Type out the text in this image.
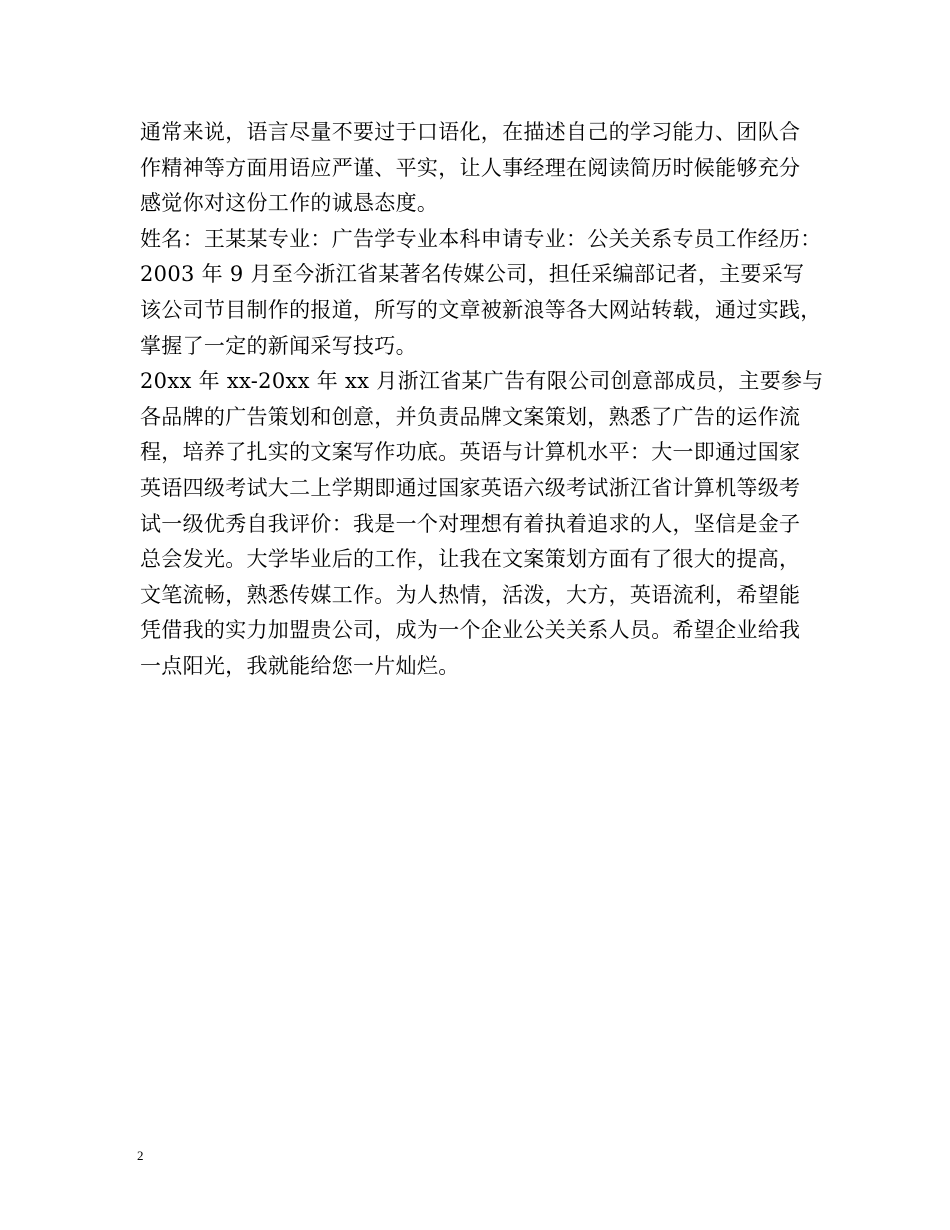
通常来说，语言尽量不要过于口语化，在描述自己的学习能力、团队合
作精神等方面用语应严谨、平实，让人事经理在阅读简历时候能够充分
感觉你对这份工作的诚恳态度。
姓名：王某某专业：广告学专业本科申请专业：公关关系专员工作经历：
2003 年 9 月至今浙江省某著名传媒公司，担任采编部记者，主要采写
该公司节目制作的报道，所写的文章被新浪等各大网站转载，通过实践，
掌握了一定的新闻采写技巧。
20xx 年 xx-20xx 年 xx 月浙江省某广告有限公司创意部成员，主要参与
各品牌的广告策划和创意，并负责品牌文案策划，熟悉了广告的运作流
程，培养了扎实的文案写作功底。英语与计算机水平：大一即通过国家
英语四级考试大二上学期即通过国家英语六级考试浙江省计算机等级考
试一级优秀自我评价：我是一个对理想有着执着追求的人，坚信是金子
总会发光。大学毕业后的工作，让我在文案策划方面有了很大的提高，
文笔流畅，熟悉传媒工作。为人热情，活泼，大方，英语流利，希望能
凭借我的实力加盟贵公司，成为一个企业公关关系人员。希望企业给我
一点阳光，我就能给您一片灿烂。
2
